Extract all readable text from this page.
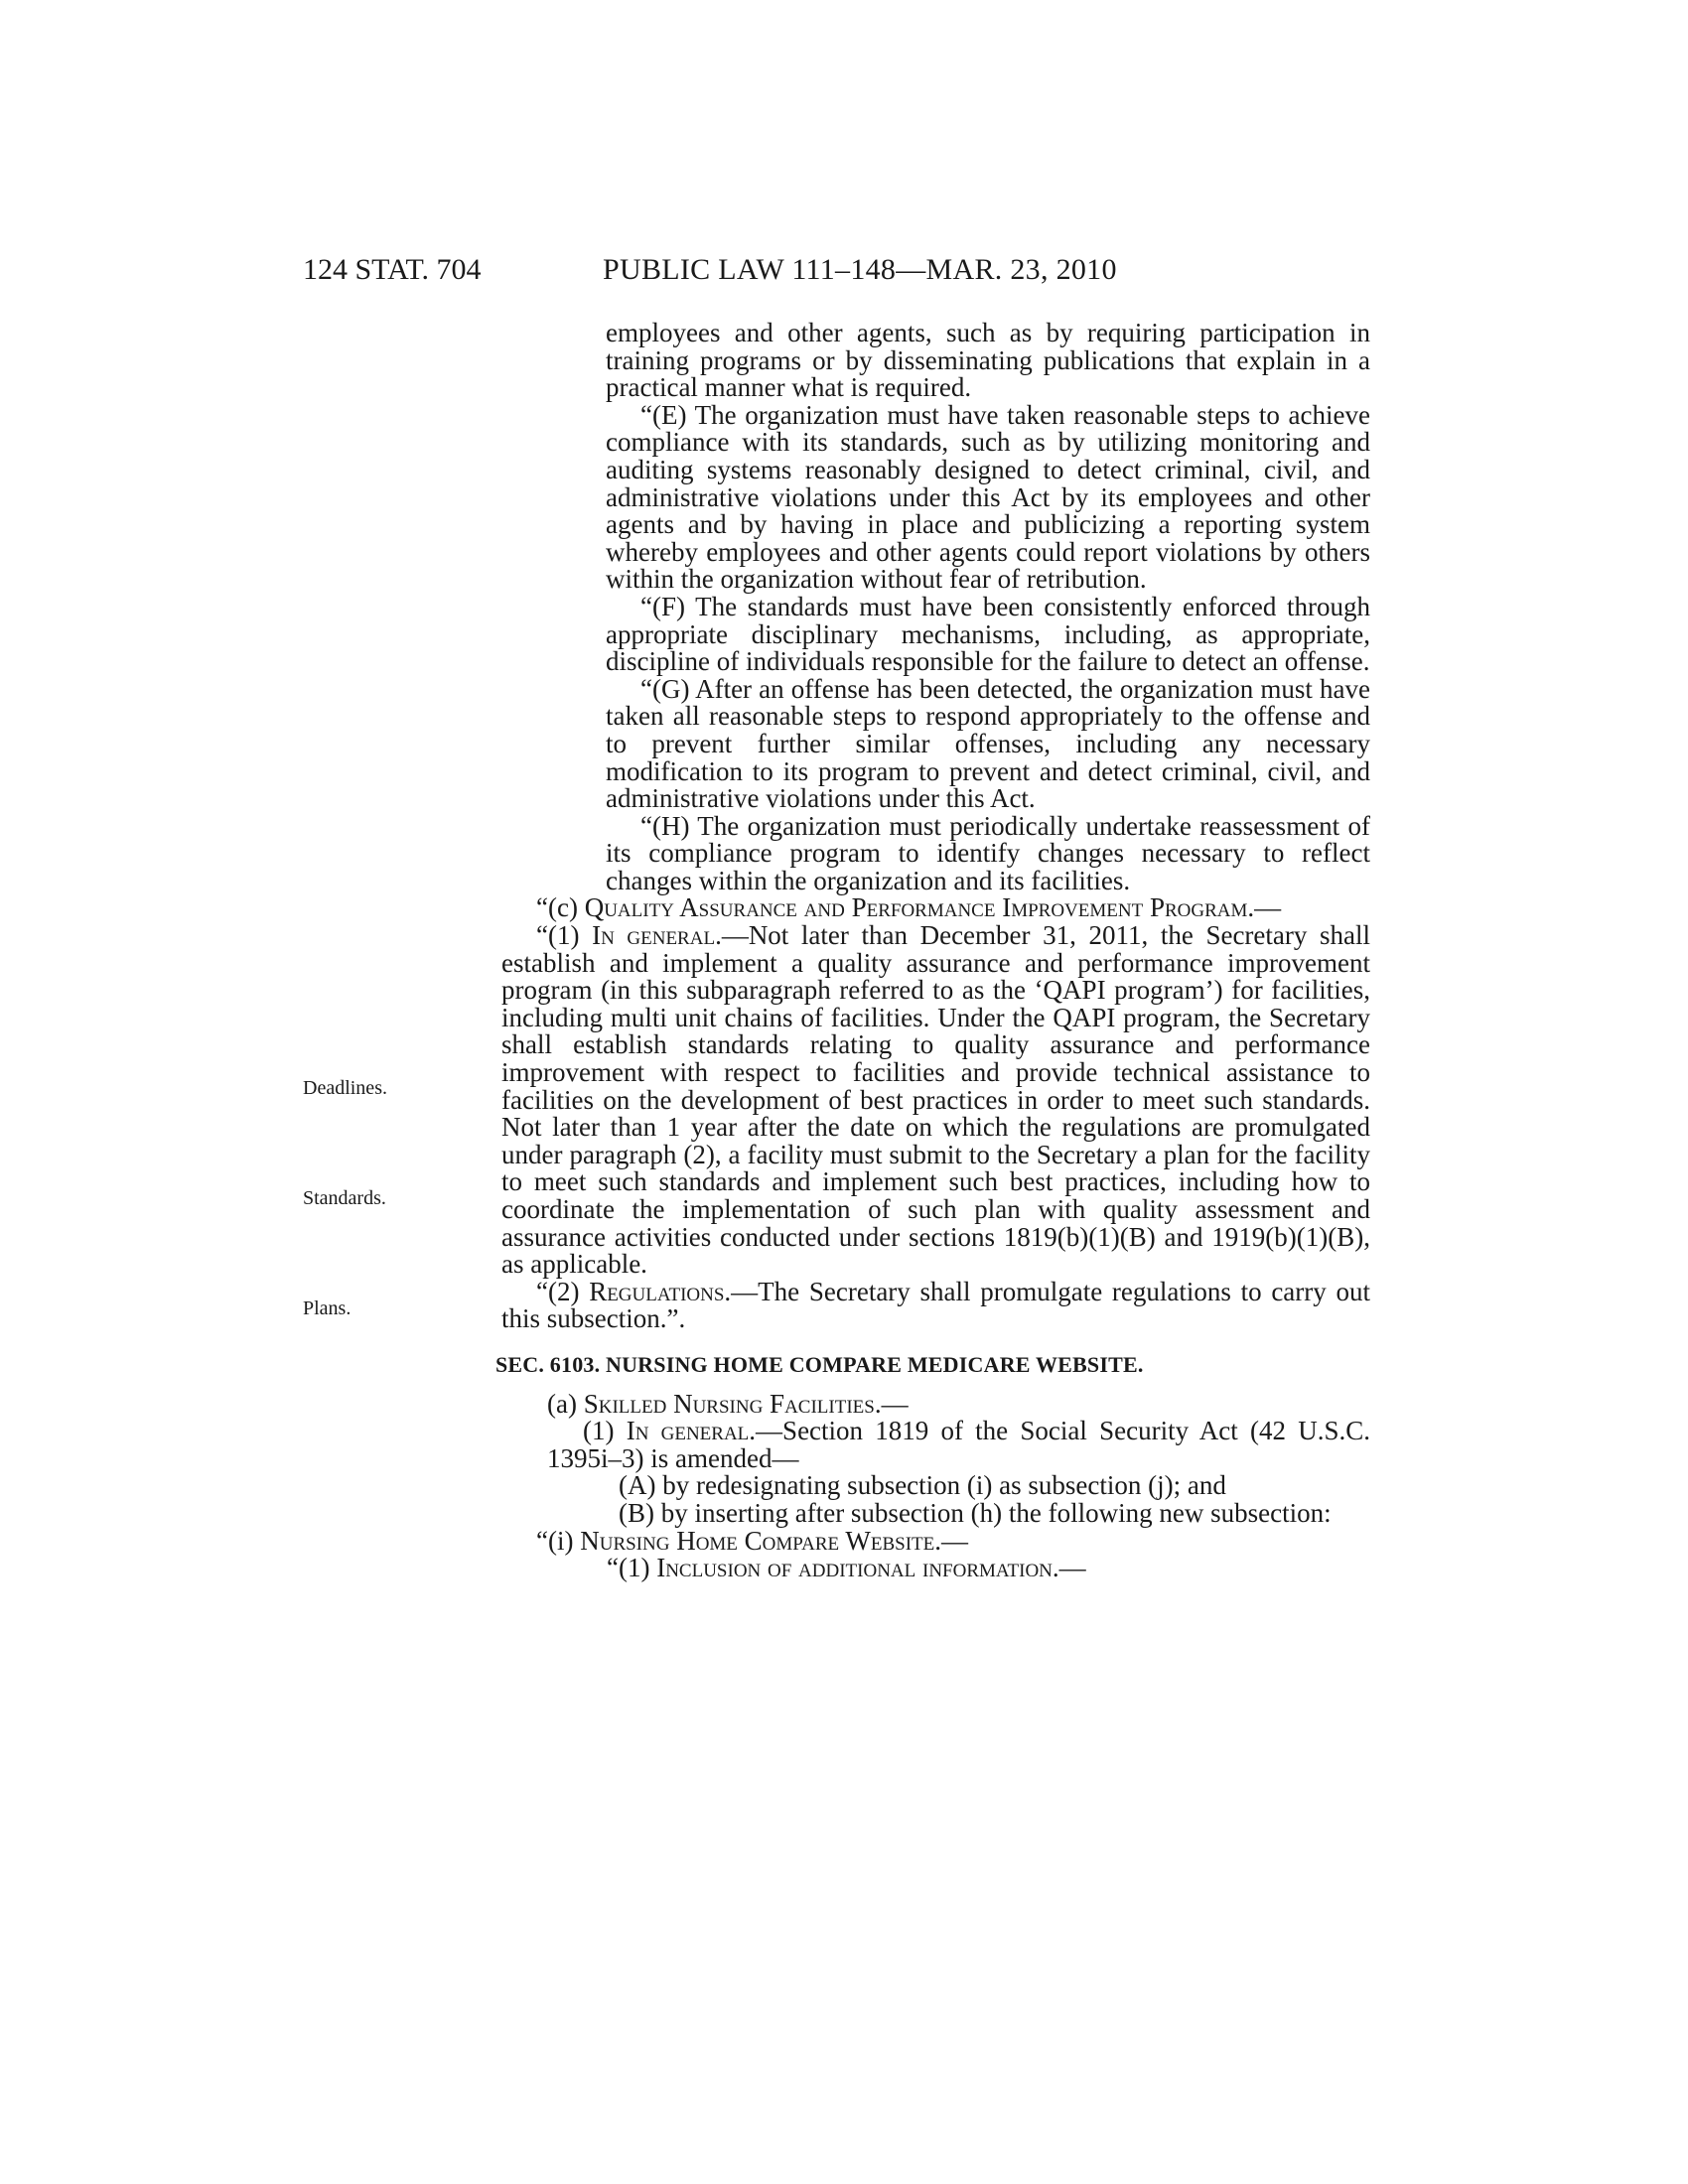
124 STAT. 704	PUBLIC LAW 111–148—MAR. 23, 2010
Deadlines.
Standards.
Plans.

employees and other agents, such as by requiring participation in training programs or by disseminating publications that explain in a practical manner what is required.

“(E) The organization must have taken reasonable steps to achieve compliance with its standards, such as by utilizing monitoring and auditing systems reasonably designed to detect criminal, civil, and administrative violations under this Act by its employees and other agents and by having in place and publicizing a reporting system whereby employees and other agents could report violations by others within the organization without fear of retribution.

“(F) The standards must have been consistently enforced through appropriate disciplinary mechanisms, including, as appropriate, discipline of individuals responsible for the failure to detect an offense.

“(G) After an offense has been detected, the organization must have taken all reasonable steps to respond appropriately to the offense and to prevent further similar offenses, including any necessary modification to its program to prevent and detect criminal, civil, and administrative violations under this Act.

“(H) The organization must periodically undertake reassessment of its compliance program to identify changes necessary to reflect changes within the organization and its facilities.

“(c) Quality Assurance and Performance Improvement Program.—

“(1) In general.—Not later than December 31, 2011, the Secretary shall establish and implement a quality assurance and performance improvement program (in this subparagraph referred to as the ‘QAPI program’) for facilities, including multi unit chains of facilities. Under the QAPI program, the Secretary shall establish standards relating to quality assurance and performance improvement with respect to facilities and provide technical assistance to facilities on the development of best practices in order to meet such standards. Not later than 1 year after the date on which the regulations are promulgated under paragraph (2), a facility must submit to the Secretary a plan for the facility to meet such standards and implement such best practices, including how to coordinate the implementation of such plan with quality assessment and assurance activities conducted under sections 1819(b)(1)(B) and 1919(b)(1)(B), as applicable.

“(2) Regulations.—The Secretary shall promulgate regulations to carry out this subsection.”.

SEC. 6103. NURSING HOME COMPARE MEDICARE WEBSITE.

(a) Skilled Nursing Facilities.—

(1) In general.—Section 1819 of the Social Security Act (42 U.S.C. 1395i–3) is amended—

(A) by redesignating subsection (i) as subsection (j); and

(B) by inserting after subsection (h) the following new subsection:

“(i) Nursing Home Compare Website.—

“(1) Inclusion of additional information.—
